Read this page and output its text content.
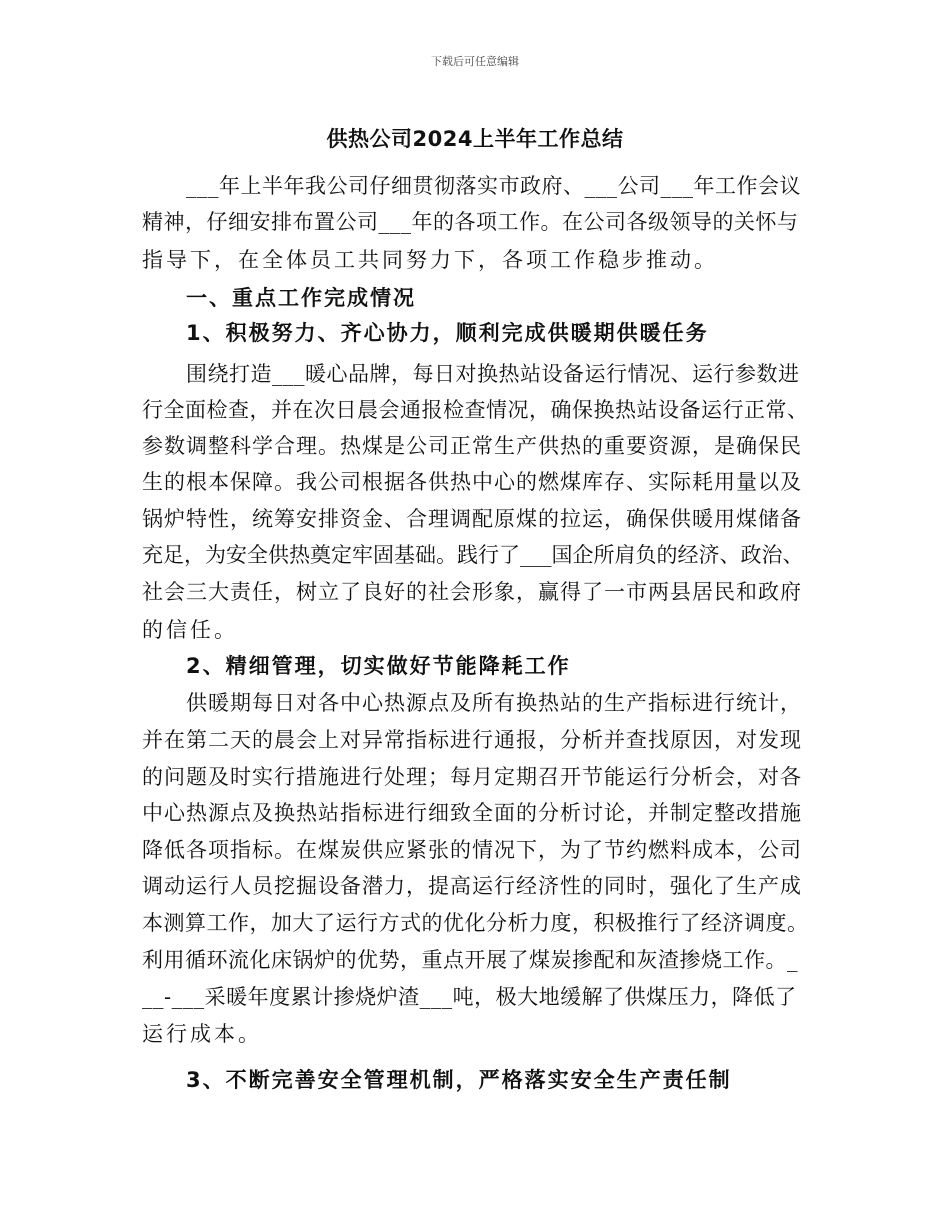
下载后可任意编辑
供热公司2024上半年工作总结
___年上半年我公司仔细贯彻落实市政府、___公司___年工作会议
精神，仔细安排布置公司___年的各项工作。在公司各级领导的关怀与
指导下，在全体员工共同努力下，各项工作稳步推动。
一、重点工作完成情况
1、积极努力、齐心协力，顺利完成供暖期供暖任务
围绕打造___暖心品牌，每日对换热站设备运行情况、运行参数进
行全面检查，并在次日晨会通报检查情况，确保换热站设备运行正常、
参数调整科学合理。热煤是公司正常生产供热的重要资源，是确保民
生的根本保障。我公司根据各供热中心的燃煤库存、实际耗用量以及
锅炉特性，统筹安排资金、合理调配原煤的拉运，确保供暖用煤储备
充足，为安全供热奠定牢固基础。践行了___国企所肩负的经济、政治、
社会三大责任，树立了良好的社会形象，赢得了一市两县居民和政府
的信任。
2、精细管理，切实做好节能降耗工作
供暖期每日对各中心热源点及所有换热站的生产指标进行统计，
并在第二天的晨会上对异常指标进行通报，分析并查找原因，对发现
的问题及时实行措施进行处理；每月定期召开节能运行分析会，对各
中心热源点及换热站指标进行细致全面的分析讨论，并制定整改措施
降低各项指标。在煤炭供应紧张的情况下，为了节约燃料成本，公司
调动运行人员挖掘设备潜力，提高运行经济性的同时，强化了生产成
本测算工作，加大了运行方式的优化分析力度，积极推行了经济调度。
利用循环流化床锅炉的优势，重点开展了煤炭掺配和灰渣掺烧工作。_
__-___采暖年度累计掺烧炉渣___吨，极大地缓解了供煤压力，降低了
运行成本。
3、不断完善安全管理机制，严格落实安全生产责任制
